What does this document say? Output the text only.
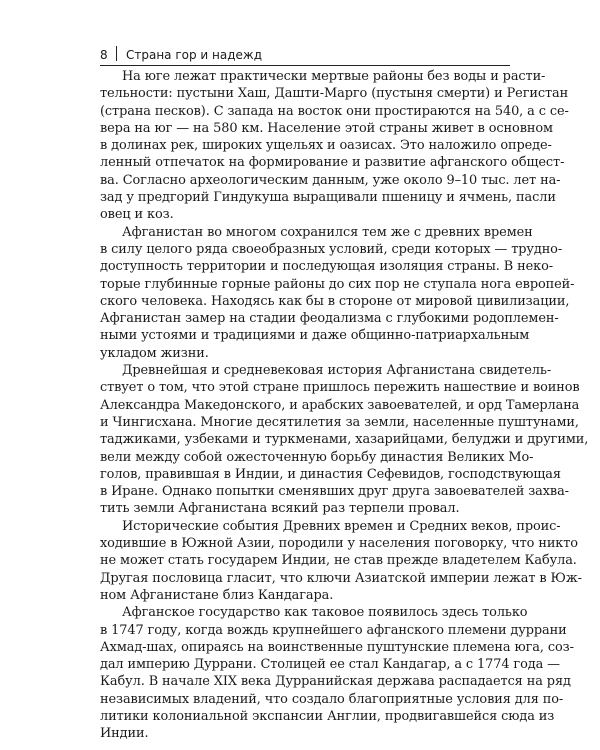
8 Страна гор и надежд
На юге лежат практически мертвые районы без воды и расти-
тельности: пустыни Хаш, Дашти-Марго (пустыня смерти) и Регистан
(страна песков). С запада на восток они простираются на 540, а с се-
вера на юг — на 580 км. Население этой страны живет в основном
в долинах рек, широких ущельях и оазисах. Это наложило опреде-
ленный отпечаток на формирование и развитие афганского общест-
ва. Согласно археологическим данным, уже около 9–10 тыс. лет на-
зад у предгорий Гиндукуша выращивали пшеницу и ячмень, пасли
овец и коз.
Афганистан во многом сохранился тем же с древних времен
в силу целого ряда своеобразных условий, среди которых — трудно-
доступность территории и последующая изоляция страны. В неко-
торые глубинные горные районы до сих пор не ступала нога европей-
ского человека. Находясь как бы в стороне от мировой цивилизации,
Афганистан замер на стадии феодализма с глубокими родоплемен-
ными устоями и традициями и даже общинно-патриархальным
укладом жизни.
Древнейшая и средневековая история Афганистана свидетель-
ствует о том, что этой стране пришлось пережить нашествие и воинов
Александра Македонского, и арабских завоевателей, и орд Тамерлана
и Чингисхана. Многие десятилетия за земли, населенные пуштунами,
таджиками, узбеками и туркменами, хазарийцами, белуджи и другими,
вели между собой ожесточенную борьбу династия Великих Мо-
голов, правившая в Индии, и династия Сефевидов, господствующая
в Иране. Однако попытки сменявших друг друга завоевателей захва-
тить земли Афганистана всякий раз терпели провал.
Исторические события Древних времен и Средних веков, проис-
ходившие в Южной Азии, породили у населения поговорку, что никто
не может стать государем Индии, не став прежде владетелем Кабула.
Другая пословица гласит, что ключи Азиатской империи лежат в Юж-
ном Афганистане близ Кандагара.
Афганское государство как таковое появилось здесь только
в 1747 году, когда вождь крупнейшего афганского племени дуррани
Ахмад-шах, опираясь на воинственные пуштунские племена юга, соз-
дал империю Дуррани. Столицей ее стал Кандагар, а с 1774 года —
Кабул. В начале XIX века Дурранийская держава распадается на ряд
независимых владений, что создало благоприятные условия для по-
литики колониальной экспансии Англии, продвигавшейся сюда из
Индии.
